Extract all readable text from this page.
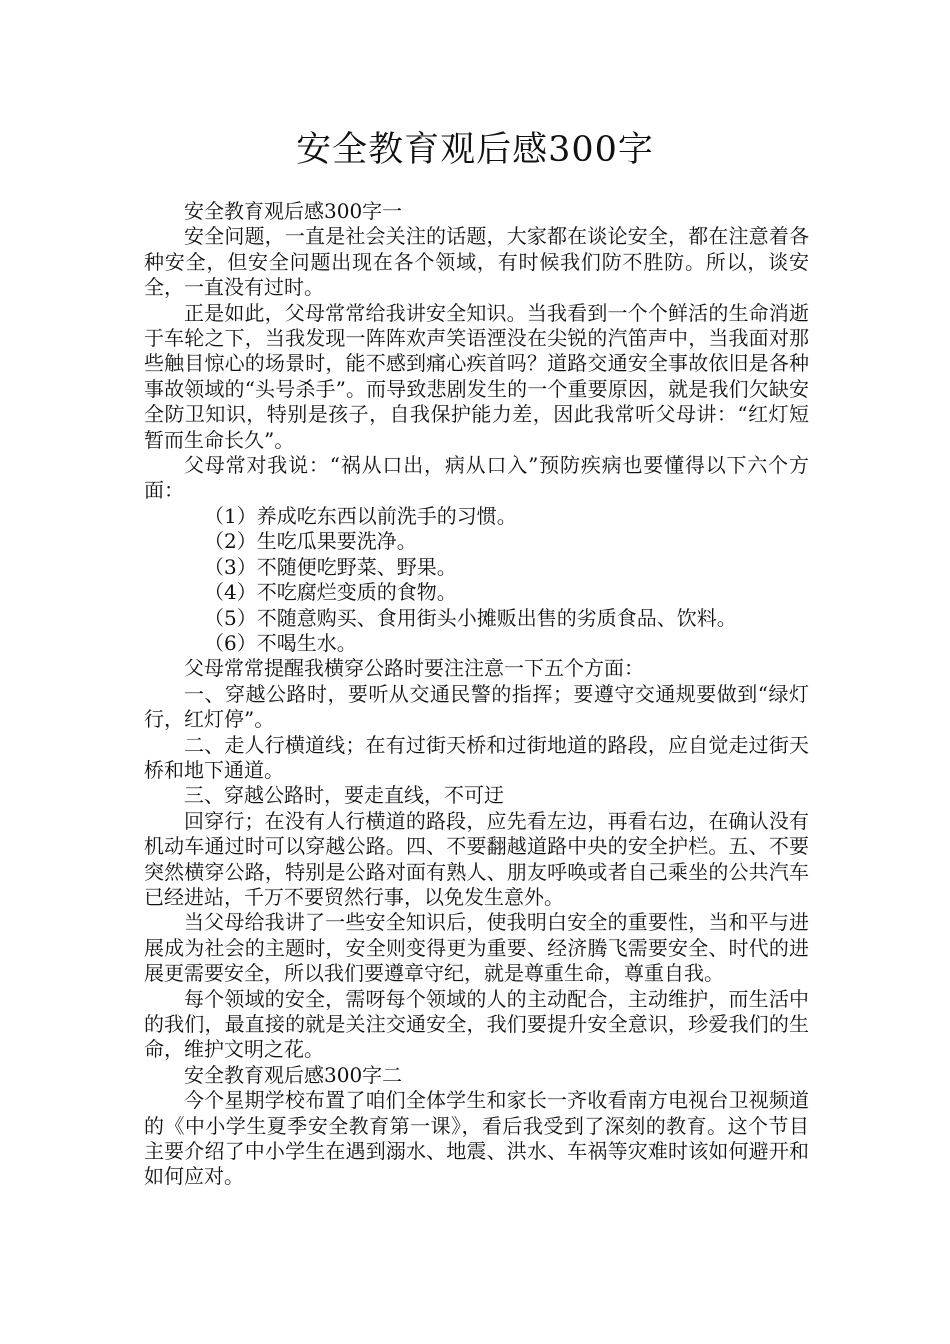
安全教育观后感300字

安全教育观后感300字一

安全问题，一直是社会关注的话题，大家都在谈论安全，都在注意着各种安全，但安全问题出现在各个领域，有时候我们防不胜防。所以，谈安全，一直没有过时。

正是如此，父母常常给我讲安全知识。当我看到一个个鲜活的生命消逝于车轮之下，当我发现一阵阵欢声笑语湮没在尖锐的汽笛声中，当我面对那些触目惊心的场景时，能不感到痛心疾首吗？道路交通安全事故依旧是各种事故领域的“头号杀手”。而导致悲剧发生的一个重要原因，就是我们欠缺安全防卫知识，特别是孩子，自我保护能力差，因此我常听父母讲：“红灯短暂而生命长久”。

父母常对我说：“祸从口出，病从口入”预防疾病也要懂得以下六个方面：

（1）养成吃东西以前洗手的习惯。

（2）生吃瓜果要洗净。

（3）不随便吃野菜、野果。

（4）不吃腐烂变质的食物。

（5）不随意购买、食用街头小摊贩出售的劣质食品、饮料。

（6）不喝生水。

父母常常提醒我横穿公路时要注注意一下五个方面：

一、穿越公路时，要听从交通民警的指挥；要遵守交通规要做到“绿灯行，红灯停”。

二、走人行横道线；在有过街天桥和过街地道的路段，应自觉走过街天桥和地下通道。

三、穿越公路时，要走直线，不可迂

回穿行；在没有人行横道的路段，应先看左边，再看右边，在确认没有机动车通过时可以穿越公路。四、不要翻越道路中央的安全护栏。五、不要突然横穿公路，特别是公路对面有熟人、朋友呼唤或者自己乘坐的公共汽车已经进站，千万不要贸然行事，以免发生意外。

当父母给我讲了一些安全知识后，使我明白安全的重要性，当和平与进展成为社会的主题时，安全则变得更为重要、经济腾飞需要安全、时代的进展更需要安全，所以我们要遵章守纪，就是尊重生命，尊重自我。

每个领域的安全，需呀每个领域的人的主动配合，主动维护，而生活中的我们，最直接的就是关注交通安全，我们要提升安全意识，珍爱我们的生命，维护文明之花。

安全教育观后感300字二

今个星期学校布置了咱们全体学生和家长一齐收看南方电视台卫视频道的《中小学生夏季安全教育第一课》，看后我受到了深刻的教育。这个节目主要介绍了中小学生在遇到溺水、地震、洪水、车祸等灾难时该如何避开和如何应对。
